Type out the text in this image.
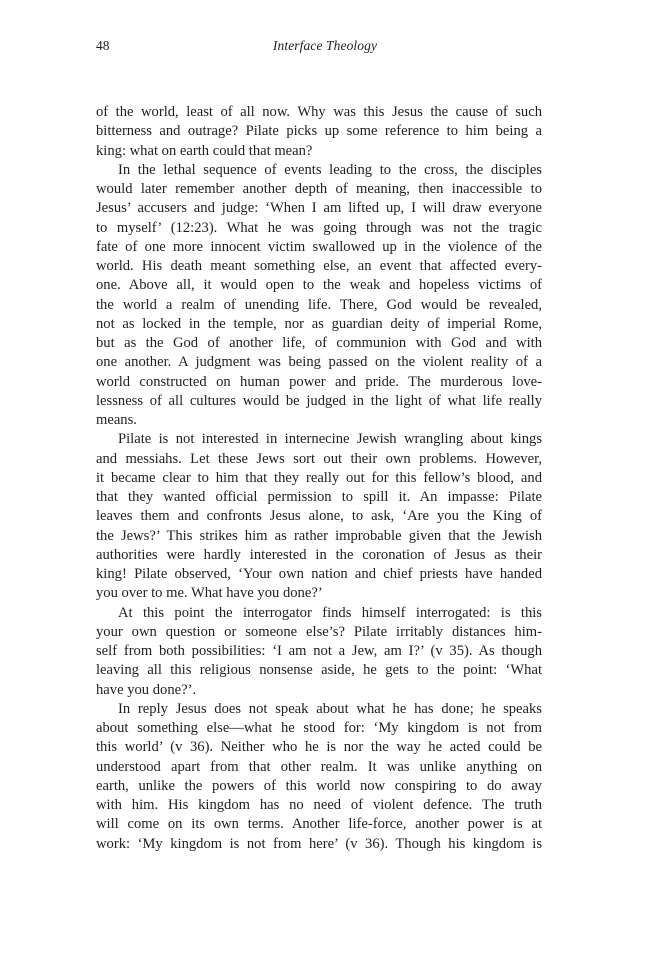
48	Interface Theology
of the world, least of all now. Why was this Jesus the cause of such
bitterness and outrage? Pilate picks up some reference to him being a
king: what on earth could that mean?
In the lethal sequence of events leading to the cross, the disciples
would later remember another depth of meaning, then inaccessible to
Jesus’ accusers and judge: ‘When I am lifted up, I will draw everyone
to myself’ (12:23). What he was going through was not the tragic
fate of one more innocent victim swallowed up in the violence of the
world. His death meant something else, an event that affected every-
one. Above all, it would open to the weak and hopeless victims of
the world a realm of unending life. There, God would be revealed,
not as locked in the temple, nor as guardian deity of imperial Rome,
but as the God of another life, of communion with God and with
one another. A judgment was being passed on the violent reality of a
world constructed on human power and pride. The murderous love-
lessness of all cultures would be judged in the light of what life really
means.
Pilate is not interested in internecine Jewish wrangling about kings
and messiahs. Let these Jews sort out their own problems. However,
it became clear to him that they really out for this fellow’s blood, and
that they wanted official permission to spill it. An impasse: Pilate
leaves them and confronts Jesus alone, to ask, ‘Are you the King of
the Jews?’ This strikes him as rather improbable given that the Jewish
authorities were hardly interested in the coronation of Jesus as their
king! Pilate observed, ‘Your own nation and chief priests have handed
you over to me. What have you done?’
At this point the interrogator finds himself interrogated: is this
your own question or someone else’s? Pilate irritably distances him-
self from both possibilities: ‘I am not a Jew, am I?’ (v 35). As though
leaving all this religious nonsense aside, he gets to the point: ‘What
have you done?’.
In reply Jesus does not speak about what he has done; he speaks
about something else—what he stood for: ‘My kingdom is not from
this world’ (v 36). Neither who he is nor the way he acted could be
understood apart from that other realm. It was unlike anything on
earth, unlike the powers of this world now conspiring to do away
with him. His kingdom has no need of violent defence. The truth
will come on its own terms. Another life-force, another power is at
work: ‘My kingdom is not from here’ (v 36). Though his kingdom is
